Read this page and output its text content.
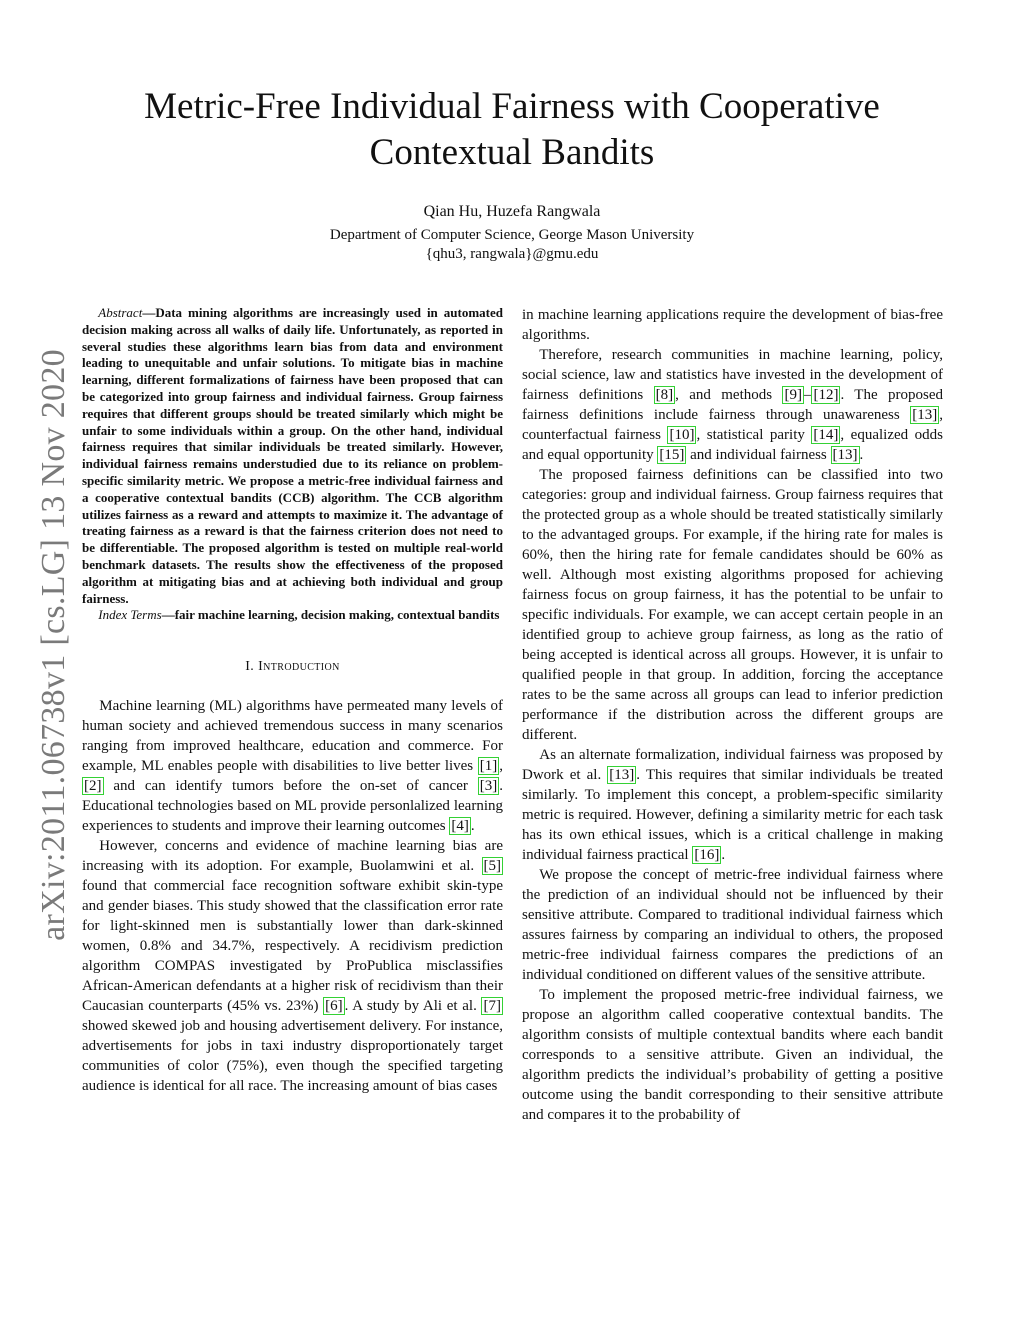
arXiv:2011.06738v1 [cs.LG] 13 Nov 2020
Metric-Free Individual Fairness with Cooperative
Contextual Bandits
Qian Hu, Huzefa Rangwala
Department of Computer Science, George Mason University
{qhu3, rangwala}@gmu.edu

Abstract—Data mining algorithms are increasingly used in automated decision making across all walks of daily life. Unfortunately, as reported in several studies these algorithms learn bias from data and environment leading to unequitable and unfair solutions. To mitigate bias in machine learning, different formalizations of fairness have been proposed that can be categorized into group fairness and individual fairness. Group fairness requires that different groups should be treated similarly which might be unfair to some individuals within a group. On the other hand, individual fairness requires that similar individuals be treated similarly. However, individual fairness remains understudied due to its reliance on problem-specific similarity metric. We propose a metric-free individual fairness and a cooperative contextual bandits (CCB) algorithm. The CCB algorithm utilizes fairness as a reward and attempts to maximize it. The advantage of treating fairness as a reward is that the fairness criterion does not need to be differentiable. The proposed algorithm is tested on multiple real-world benchmark datasets. The results show the effectiveness of the proposed algorithm at mitigating bias and at achieving both individual and group fairness.

Index Terms—fair machine learning, decision making, contextual bandits

I. Introduction

Machine learning (ML) algorithms have permeated many levels of human society and achieved tremendous success in many scenarios ranging from improved healthcare, education and commerce. For example, ML enables people with disabilities to live better lives [1] , [2] and can identify tumors before the on-set of cancer [3] . Educational technologies based on ML provide personlalized learning experiences to students and improve their learning outcomes [4] .

However, concerns and evidence of machine learning bias are increasing with its adoption. For example, Buolamwini et al. [5] found that commercial face recognition software exhibit skin-type and gender biases. This study showed that the classification error rate for light-skinned men is substantially lower than dark-skinned women, 0.8% and 34.7%, respectively. A recidivism prediction algorithm COMPAS investigated by ProPublica misclassifies African-American defendants at a higher risk of recidivism than their Caucasian counterparts (45% vs. 23%) [6] . A study by Ali et al. [7] showed skewed job and housing advertisement delivery. For instance, advertisements for jobs in taxi industry disproportionately target communities of color (75%), even though the specified targeting audience is identical for all race. The increasing amount of bias cases

in machine learning applications require the development of bias-free algorithms.

Therefore, research communities in machine learning, policy, social science, law and statistics have invested in the development of fairness definitions [8] , and methods [9] – [12] . The proposed fairness definitions include fairness through unawareness [13] , counterfactual fairness [10] , statistical parity [14] , equalized odds and equal opportunity [15] and individual fairness [13] .

The proposed fairness definitions can be classified into two categories: group and individual fairness. Group fairness requires that the protected group as a whole should be treated statistically similarly to the advantaged groups. For example, if the hiring rate for males is 60%, then the hiring rate for female candidates should be 60% as well. Although most existing algorithms proposed for achieving fairness focus on group fairness, it has the potential to be unfair to specific individuals. For example, we can accept certain people in an identified group to achieve group fairness, as long as the ratio of being accepted is identical across all groups. However, it is unfair to qualified people in that group. In addition, forcing the acceptance rates to be the same across all groups can lead to inferior prediction performance if the distribution across the different groups are different.

As an alternate formalization, individual fairness was proposed by Dwork et al. [13] . This requires that similar individuals be treated similarly. To implement this concept, a problem-specific similarity metric is required. However, defining a similarity metric for each task has its own ethical issues, which is a critical challenge in making individual fairness practical [16] .

We propose the concept of metric-free individual fairness where the prediction of an individual should not be influenced by their sensitive attribute. Compared to traditional individual fairness which assures fairness by comparing an individual to others, the proposed metric-free individual fairness compares the predictions of an individual conditioned on different values of the sensitive attribute.

To implement the proposed metric-free individual fairness, we propose an algorithm called cooperative contextual bandits. The algorithm consists of multiple contextual bandits where each bandit corresponds to a sensitive attribute. Given an individual, the algorithm predicts the individual’s probability of getting a positive outcome using the bandit corresponding to their sensitive attribute and compares it to the probability of
